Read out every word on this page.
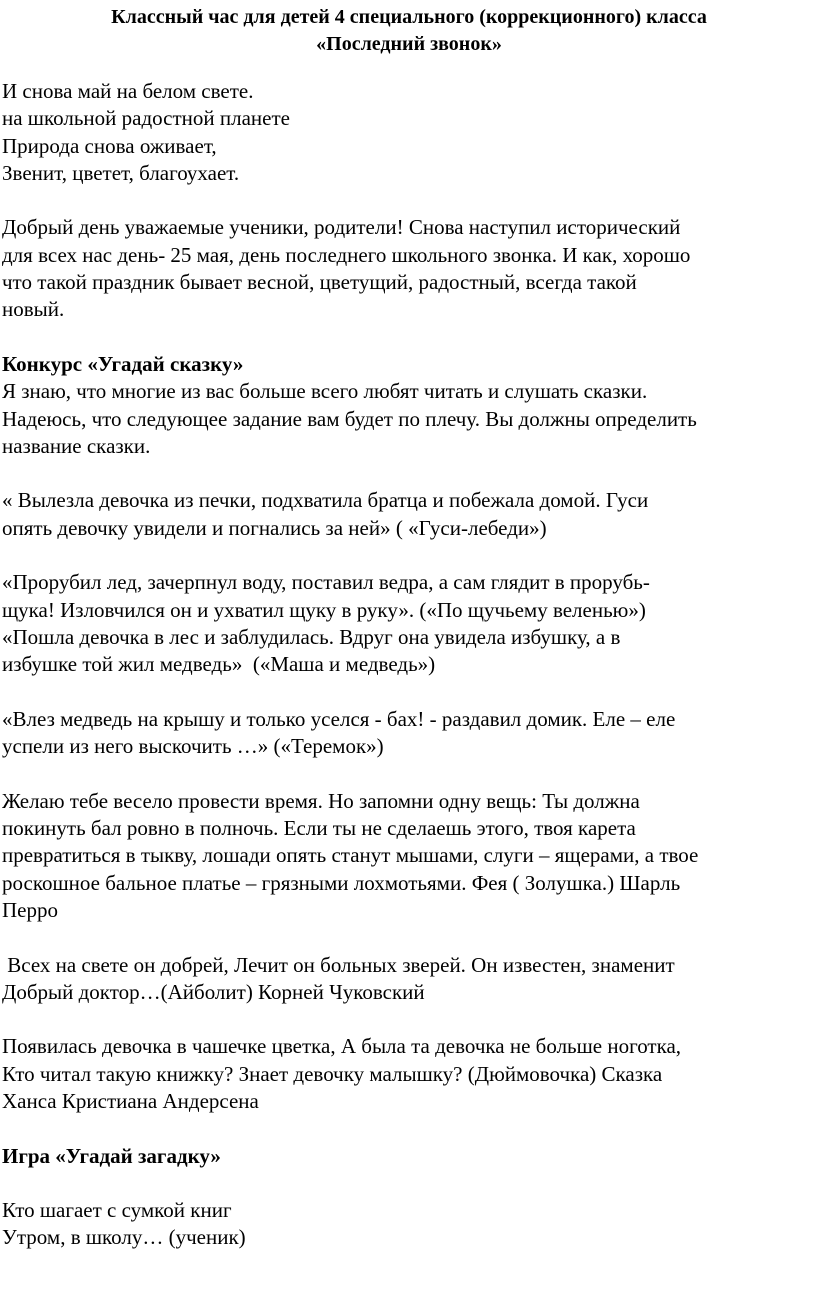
Классный час для детей 4 специального (коррекционного) класса
«Последний звонок»
И снова май на белом свете.
на школьной радостной планете
Природа снова оживает,
Звенит, цветет, благоухает.
Добрый день уважаемые ученики, родители! Снова наступил исторический
для всех нас день- 25 мая, день последнего школьного звонка. И как, хорошо
что такой праздник бывает весной, цветущий, радостный, всегда такой
новый.
Конкурс «Угадай сказку»
Я знаю, что многие из вас больше всего любят читать и слушать сказки.
Надеюсь, что следующее задание вам будет по плечу. Вы должны определить
название сказки.
« Вылезла девочка из печки, подхватила братца и побежала домой. Гуси
опять девочку увидели и погнались за ней» ( «Гуси-лебеди»)
«Прорубил лед, зачерпнул воду, поставил ведра, а сам глядит в прорубь-
щука! Изловчился он и ухватил щуку в руку». («По щучьему веленью»)
«Пошла девочка в лес и заблудилась. Вдруг она увидела избушку, а в
избушке той жил медведь»  («Маша и медведь»)
«Влез медведь на крышу и только уселся - бах! - раздавил домик. Еле – еле
успели из него выскочить …» («Теремок»)
Желаю тебе весело провести время. Но запомни одну вещь: Ты должна
покинуть бал ровно в полночь. Если ты не сделаешь этого, твоя карета
превратиться в тыкву, лошади опять станут мышами, слуги – ящерами, а твое
роскошное бальное платье – грязными лохмотьями. Фея ( Золушка.) Шарль
Перро
Всех на свете он добрей, Лечит он больных зверей. Он известен, знаменит
Добрый доктор…(Айболит) Корней Чуковский
Появилась девочка в чашечке цветка, А была та девочка не больше ноготка,
Кто читал такую книжку? Знает девочку малышку? (Дюймовочка) Сказка
Ханса Кристиана Андерсена
Игра «Угадай загадку»
Кто шагает с сумкой книг
Утром, в школу… (ученик)
